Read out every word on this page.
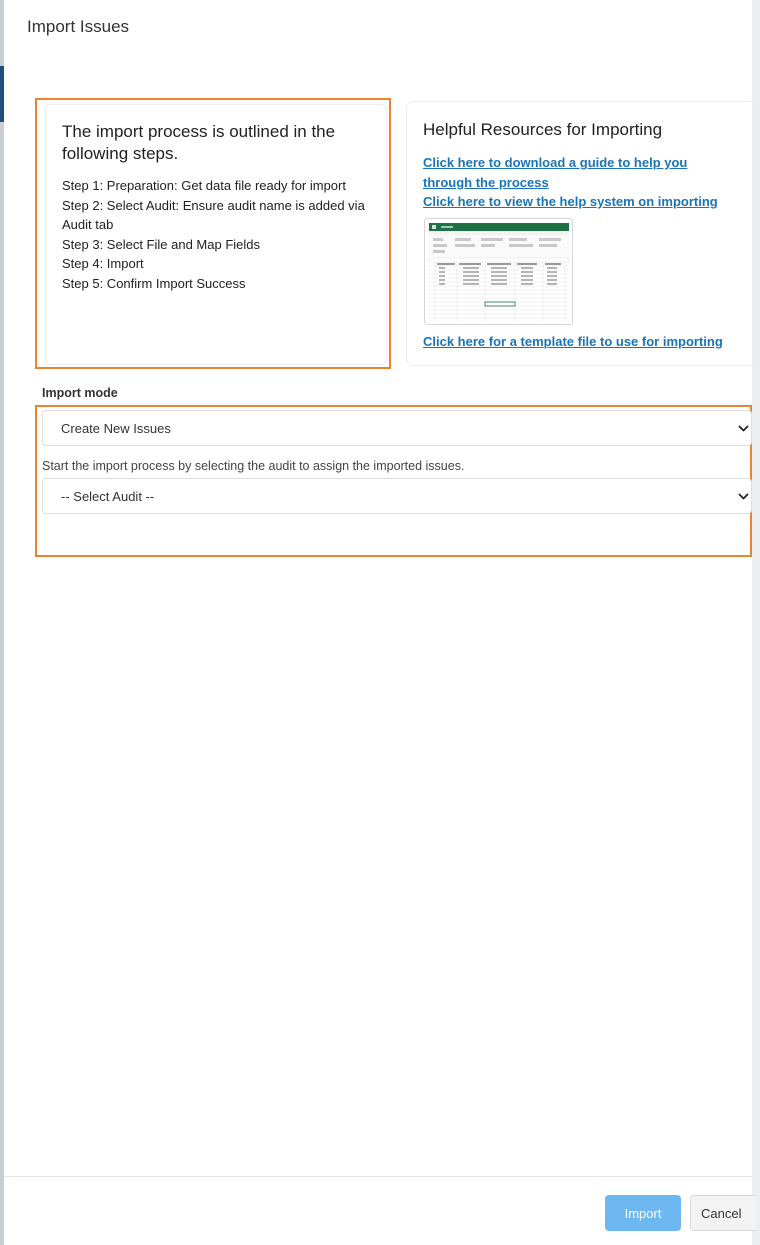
Import Issues
The import process is outlined in the following steps.
Step 1: Preparation: Get data file ready for import
Step 2: Select Audit: Ensure audit name is added via Audit tab
Step 3: Select File and Map Fields
Step 4: Import
Step 5: Confirm Import Success
Helpful Resources for Importing
Click here to download a guide to help you through the process
Click here to view the help system on importing
Click here for a template file to use for importing
Import mode
Create New Issues
Start the import process by selecting the audit to assign the imported issues.
-- Select Audit --
Import	Cancel
